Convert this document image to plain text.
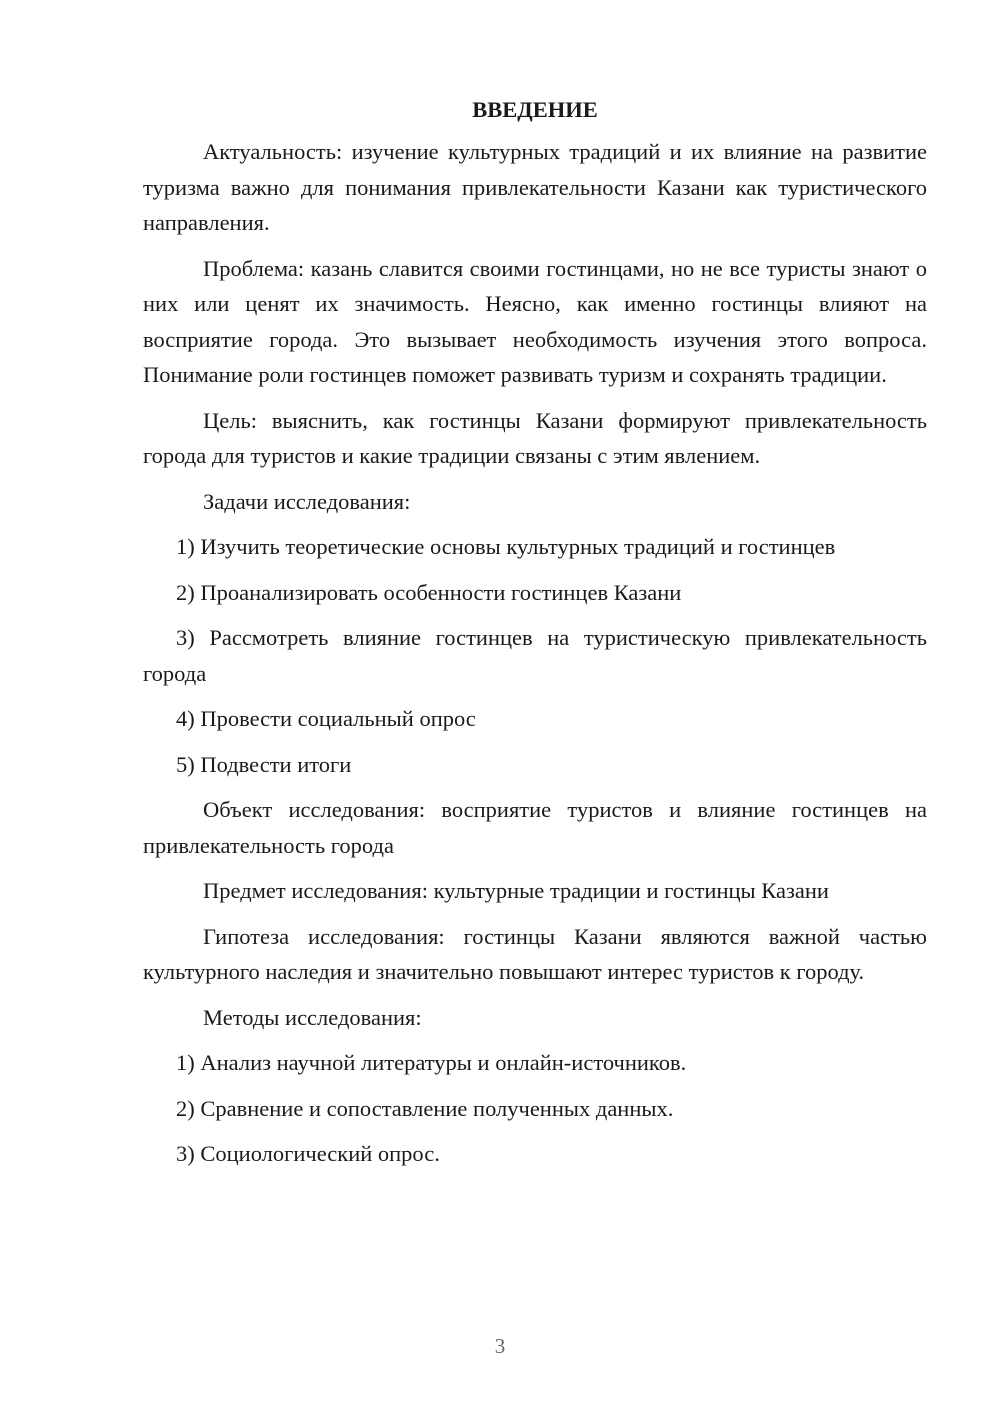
ВВЕДЕНИЕ
Актуальность: изучение культурных традиций и их влияние на развитие туризма важно для понимания привлекательности Казани как туристического направления.
Проблема: казань славится своими гостинцами, но не все туристы знают о них или ценят их значимость. Неясно, как именно гостинцы влияют на восприятие города. Это вызывает необходимость изучения этого вопроса. Понимание роли гостинцев поможет развивать туризм и сохранять традиции.
Цель: выяснить, как гостинцы Казани формируют привлекательность города для туристов и какие традиции связаны с этим явлением.
Задачи исследования:
1) Изучить теоретические основы культурных традиций и гостинцев
2) Проанализировать особенности гостинцев Казани
3) Рассмотреть влияние гостинцев на туристическую привлекательность города
4) Провести социальный опрос
5) Подвести итоги
Объект исследования: восприятие туристов и влияние гостинцев на привлекательность города
Предмет исследования: культурные традиции и гостинцы Казани
Гипотеза исследования: гостинцы Казани являются важной частью культурного наследия и значительно повышают интерес туристов к городу.
Методы исследования:
1) Анализ научной литературы и онлайн-источников.
2) Сравнение и сопоставление полученных данных.
3) Социологический опрос.
3
